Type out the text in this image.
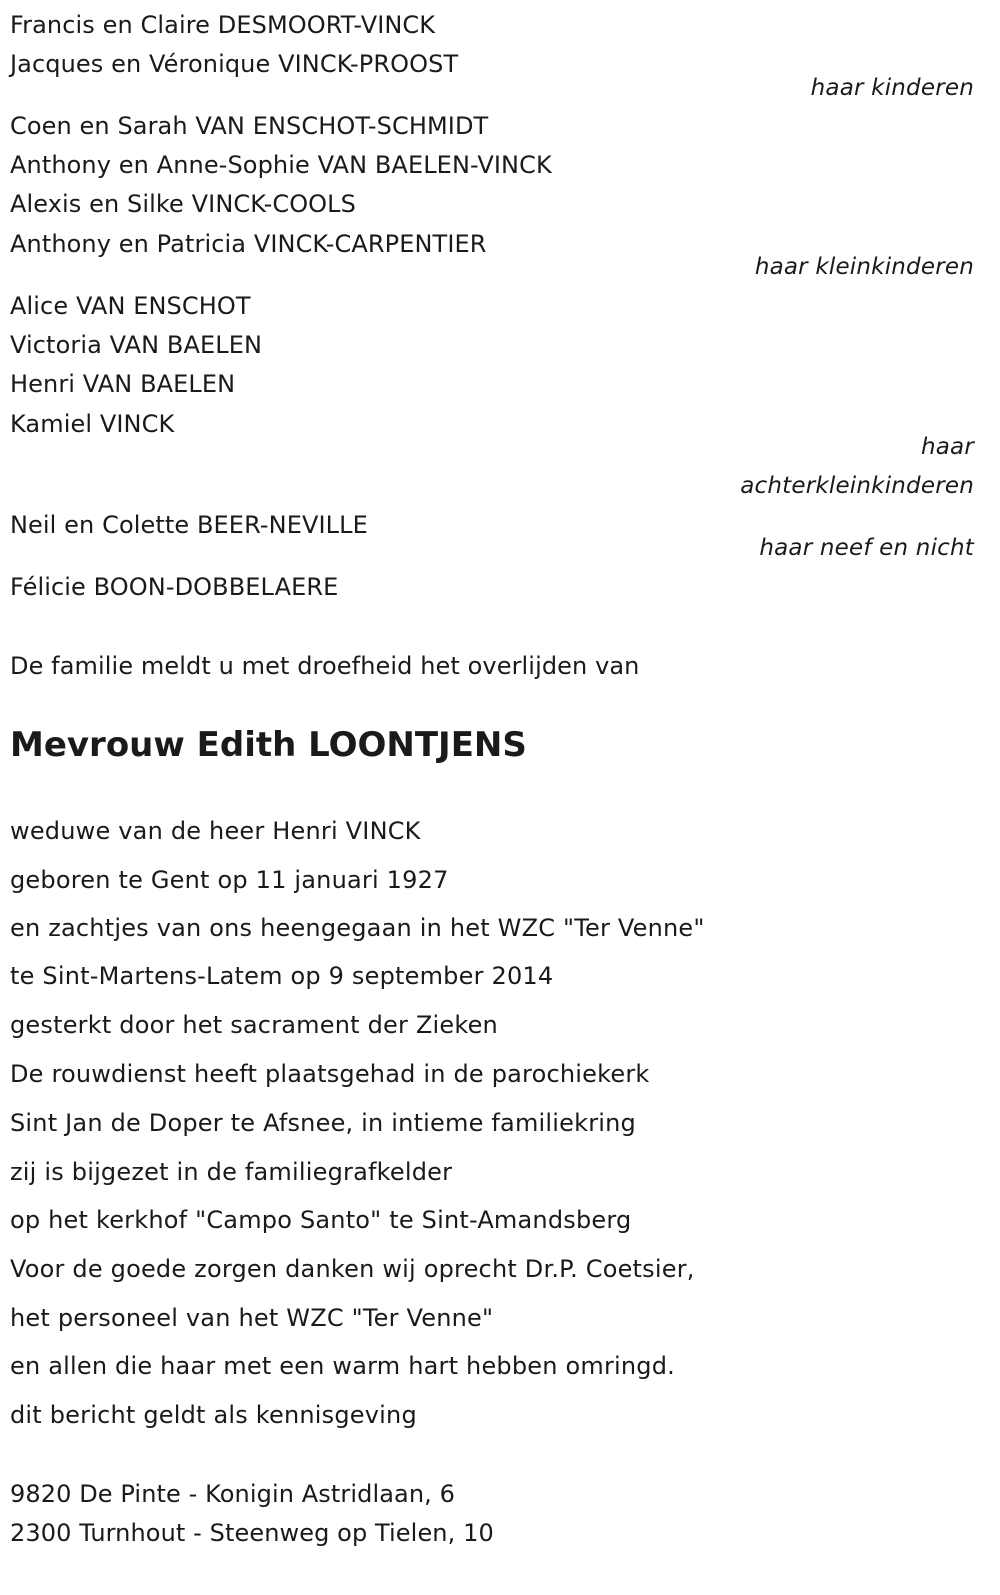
Francis en Claire DESMOORT-VINCK
Jacques en Véronique VINCK-PROOST
haar kinderen
Coen en Sarah VAN ENSCHOT-SCHMIDT
Anthony en Anne-Sophie VAN BAELEN-VINCK
Alexis en Silke VINCK-COOLS
Anthony en Patricia VINCK-CARPENTIER
haar kleinkinderen
Alice VAN ENSCHOT
Victoria VAN BAELEN
Henri VAN BAELEN
Kamiel VINCK
haar
achterkleinkinderen
Neil en Colette BEER-NEVILLE
haar neef en nicht
Félicie BOON-DOBBELAERE
De familie meldt u met droefheid het overlijden van
Mevrouw Edith LOONTJENS
weduwe van de heer Henri VINCK
geboren te Gent op 11 januari 1927
en zachtjes van ons heengegaan in het WZC "Ter Venne"
te Sint-Martens-Latem op 9 september 2014
gesterkt door het sacrament der Zieken
De rouwdienst heeft plaatsgehad in de parochiekerk
Sint Jan de Doper te Afsnee, in intieme familiekring
zij is bijgezet in de familiegrafkelder
op het kerkhof "Campo Santo" te Sint-Amandsberg
Voor de goede zorgen danken wij oprecht Dr.P. Coetsier,
het personeel van het WZC "Ter Venne"
en allen die haar met een warm hart hebben omringd.
dit bericht geldt als kennisgeving
9820 De Pinte - Konigin Astridlaan, 6
2300 Turnhout - Steenweg op Tielen, 10
